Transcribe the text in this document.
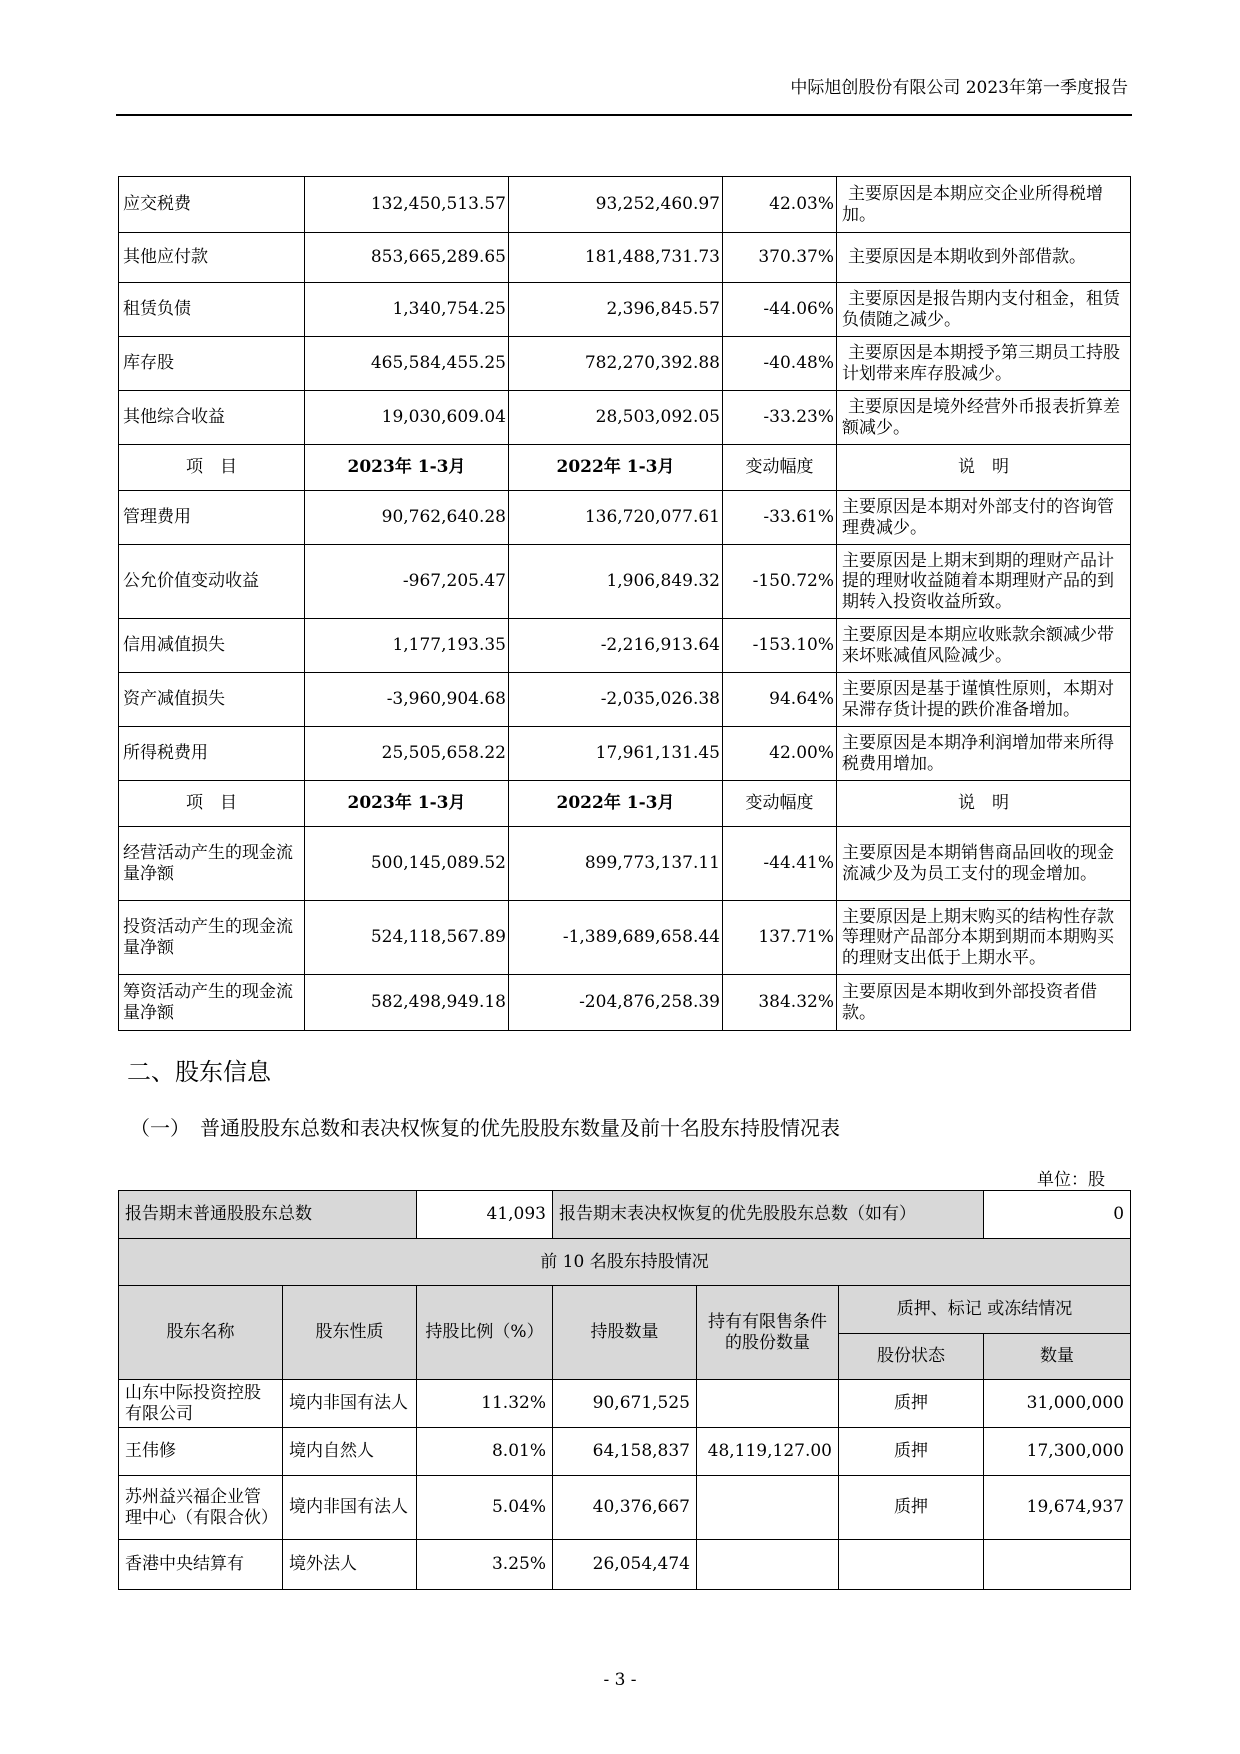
中际旭创股份有限公司 2023年第一季度报告
应交税费	132,450,513.57	93,252,460.97	42.03%	主要原因是本期应交企业所得税增加。
其他应付款	853,665,289.65	181,488,731.73	370.37%	主要原因是本期收到外部借款。
租赁负债	1,340,754.25	2,396,845.57	-44.06%	主要原因是报告期内支付租金，租赁负债随之减少。
库存股	465,584,455.25	782,270,392.88	-40.48%	主要原因是本期授予第三期员工持股计划带来库存股减少。
其他综合收益	19,030,609.04	28,503,092.05	-33.23%	主要原因是境外经营外币报表折算差额减少。
项　目	2023年 1-3月	2022年 1-3月	变动幅度	说　明
管理费用	90,762,640.28	136,720,077.61	-33.61%	主要原因是本期对外部支付的咨询管理费减少。
公允价值变动收益	-967,205.47	1,906,849.32	-150.72%	主要原因是上期末到期的理财产品计提的理财收益随着本期理财产品的到期转入投资收益所致。
信用减值损失	1,177,193.35	-2,216,913.64	-153.10%	主要原因是本期应收账款余额减少带来坏账减值风险减少。
资产减值损失	-3,960,904.68	-2,035,026.38	94.64%	主要原因是基于谨慎性原则，本期对呆滞存货计提的跌价准备增加。
所得税费用	25,505,658.22	17,961,131.45	42.00%	主要原因是本期净利润增加带来所得税费用增加。
项　目	2023年 1-3月	2022年 1-3月	变动幅度	说　明
经营活动产生的现金流量净额	500,145,089.52	899,773,137.11	-44.41%	主要原因是本期销售商品回收的现金流减少及为员工支付的现金增加。
投资活动产生的现金流量净额	524,118,567.89	-1,389,689,658.44	137.71%	主要原因是上期末购买的结构性存款等理财产品部分本期到期而本期购买的理财支出低于上期水平。
筹资活动产生的现金流量净额	582,498,949.18	-204,876,258.39	384.32%	主要原因是本期收到外部投资者借款。
二、股东信息
（一）　普通股股东总数和表决权恢复的优先股股东数量及前十名股东持股情况表
单位：股
报告期末普通股股东总数		41,093	报告期末表决权恢复的优先股股东总数（如有）			0
前 10 名股东持股情况						
股东名称	股东性质	持股比例（%）	持股数量	持有有限售条件的股份数量	质押、标记 或冻结情况	
					股份状态	数量
山东中际投资控股有限公司	境内非国有法人	11.32%	90,671,525		质押	31,000,000
王伟修	境内自然人	8.01%	64,158,837	48,119,127.00	质押	17,300,000
苏州益兴福企业管理中心（有限合伙）	境内非国有法人	5.04%	40,376,667		质押	19,674,937
香港中央结算有	境外法人	3.25%	26,054,474			
- 3 -
